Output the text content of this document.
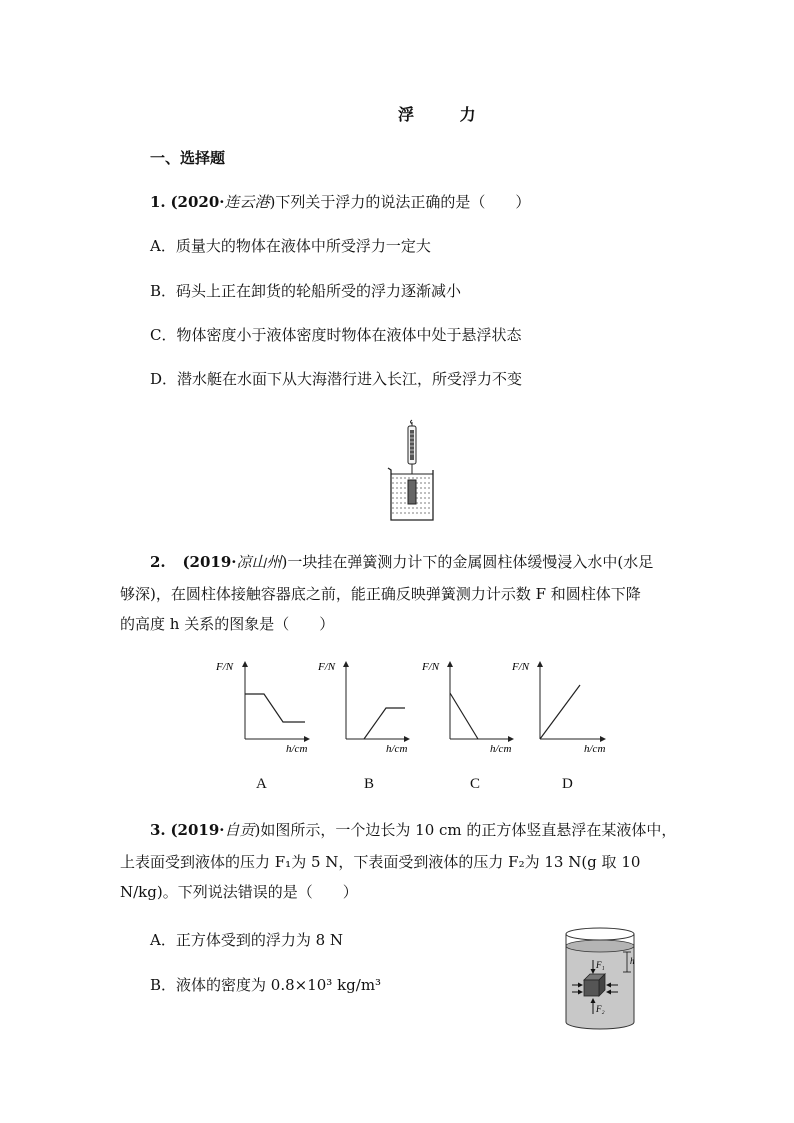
浮 力
一、选择题
1. (2020·连云港)下列关于浮力的说法正确的是（　　）
A．质量大的物体在液体中所受浮力一定大
B．码头上正在卸货的轮船所受的浮力逐渐减小
C．物体密度小于液体密度时物体在液体中处于悬浮状态
D．潜水艇在水面下从大海潜行进入长江，所受浮力不变
2. (2019·凉山州)一块挂在弹簧测力计下的金属圆柱体缓慢浸入水中(水足
够深)，在圆柱体接触容器底之前，能正确反映弹簧测力计示数 F 和圆柱体下降
的高度 h 关系的图象是（　　）
F/N
h/cm
F/N
h/cm
F/N
h/cm
F/N
h/cm
A	B	C	D
3. (2019·自贡)如图所示，一个边长为 10 cm 的正方体竖直悬浮在某液体中，
上表面受到液体的压力 F₁为 5 N，下表面受到液体的压力 F₂为 13 N(g 取 10
N/kg)。下列说法错误的是（　　）
A．正方体受到的浮力为 8 N
B．液体的密度为 0.8×10³ kg/m³
F₁
F₂
h
